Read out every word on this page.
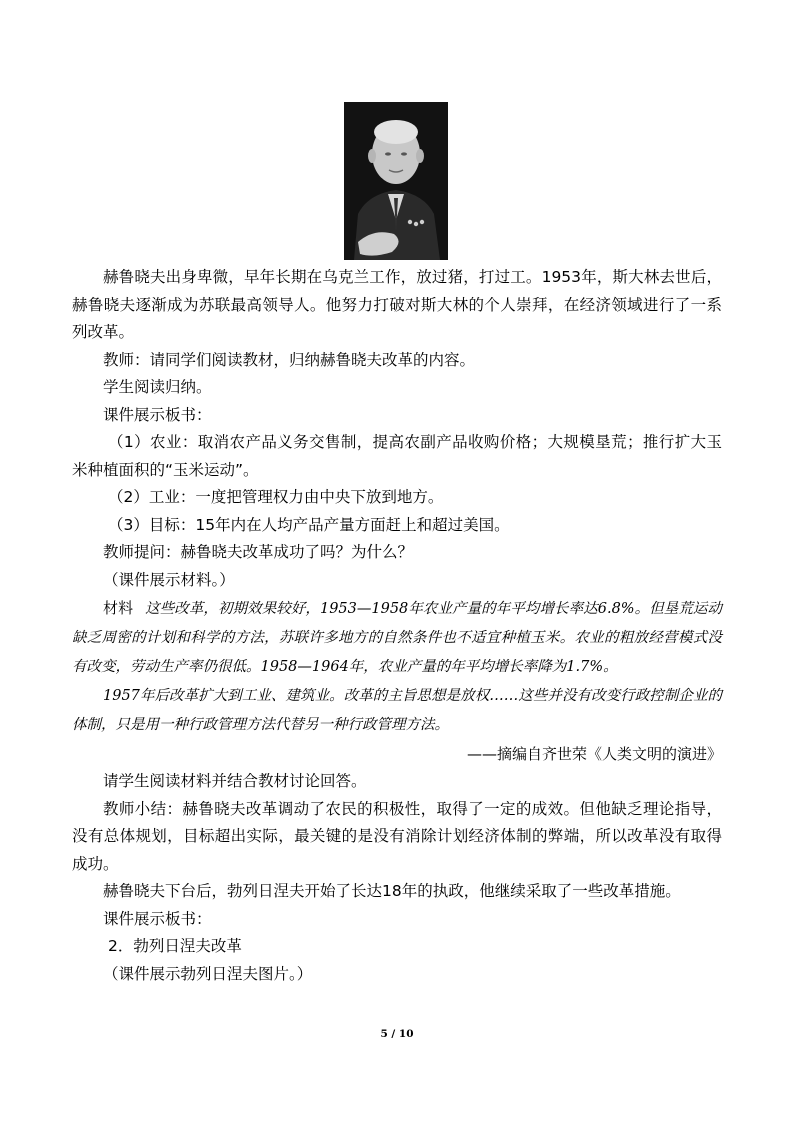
赫鲁晓夫出身卑微，早年长期在乌克兰工作，放过猪，打过工。1953年，斯大林去世后，赫鲁晓夫逐渐成为苏联最高领导人。他努力打破对斯大林的个人崇拜，在经济领域进行了一系列改革。

教师：请同学们阅读教材，归纳赫鲁晓夫改革的内容。

学生阅读归纳。

课件展示板书：

（1）农业：取消农产品义务交售制，提高农副产品收购价格；大规模垦荒；推行扩大玉米种植面积的“玉米运动”。

（2）工业：一度把管理权力由中央下放到地方。

（3）目标：15年内在人均产品产量方面赶上和超过美国。

教师提问：赫鲁晓夫改革成功了吗？为什么？

（课件展示材料。）

材料 这些改革，初期效果较好，1953—1958年农业产量的年平均增长率达6.8%。但垦荒运动缺乏周密的计划和科学的方法，苏联许多地方的自然条件也不适宜种植玉米。农业的粗放经营模式没有改变，劳动生产率仍很低。1958—1964年，农业产量的年平均增长率降为1.7%。

1957年后改革扩大到工业、建筑业。改革的主旨思想是放权……这些并没有改变行政控制企业的体制，只是用一种行政管理方法代替另一种行政管理方法。

——摘编自齐世荣《人类文明的演进》

请学生阅读材料并结合教材讨论回答。

教师小结：赫鲁晓夫改革调动了农民的积极性，取得了一定的成效。但他缺乏理论指导，没有总体规划，目标超出实际，最关键的是没有消除计划经济体制的弊端，所以改革没有取得成功。

赫鲁晓夫下台后，勃列日涅夫开始了长达18年的执政，他继续采取了一些改革措施。

课件展示板书：

2．勃列日涅夫改革

（课件展示勃列日涅夫图片。）

5 / 10
